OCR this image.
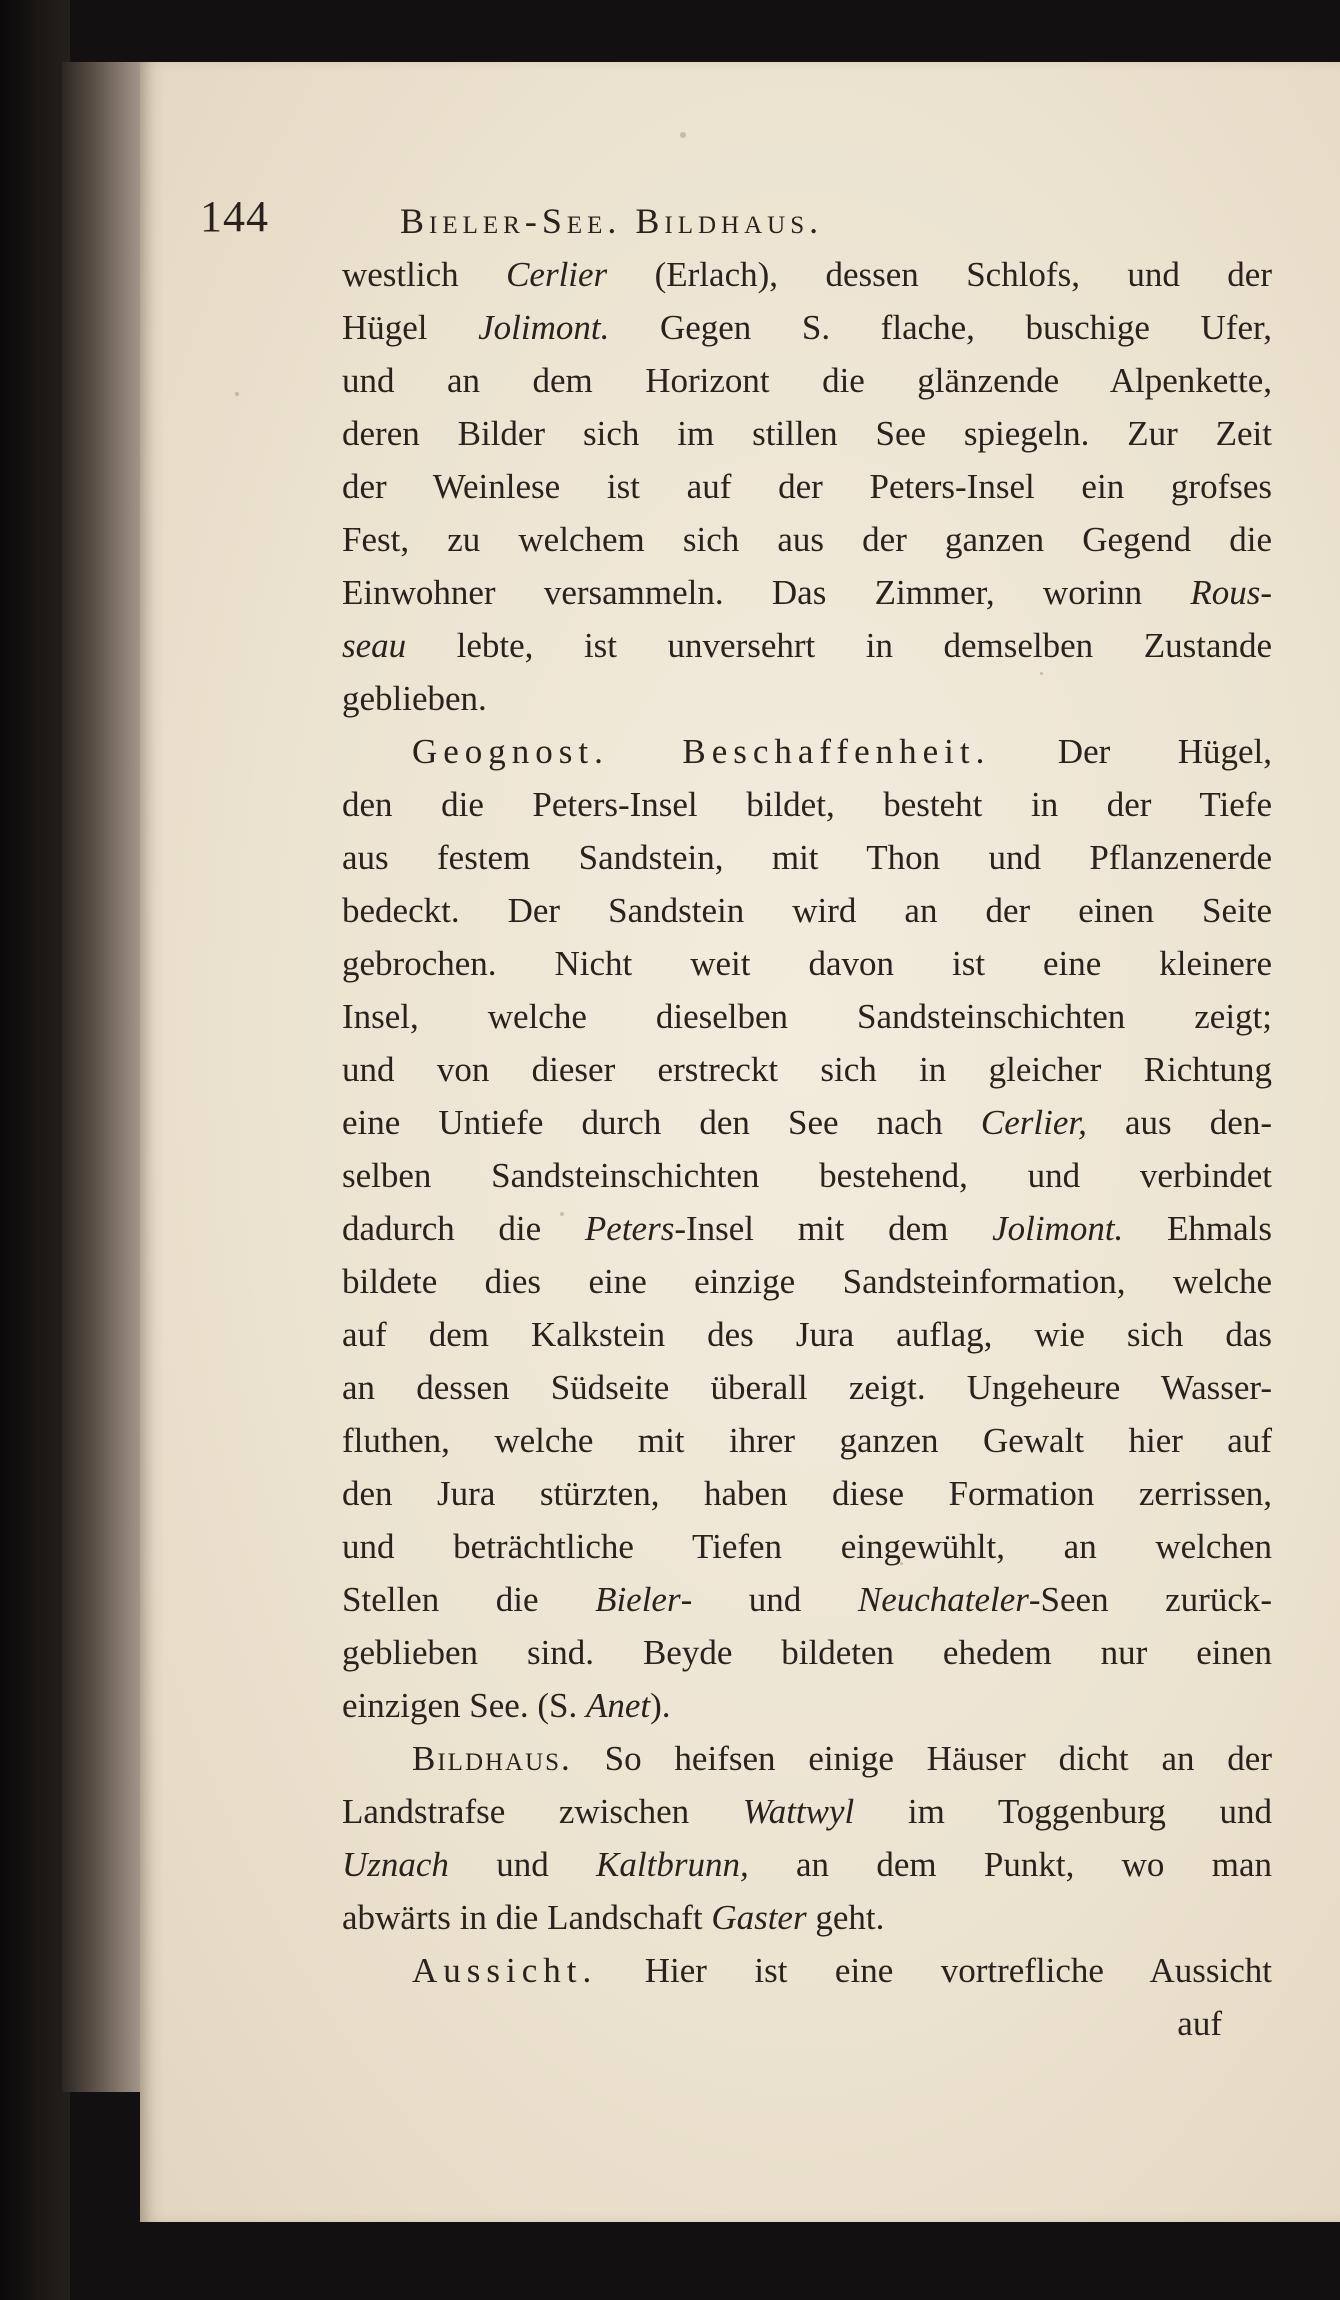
144	Bieler-See. Bildhaus.
westlich Cerlier (Erlach), dessen Schlofs, und der
Hügel Jolimont. Gegen S. flache, buschige Ufer,
und an dem Horizont die glänzende Alpenkette,
deren Bilder sich im stillen See spiegeln. Zur Zeit
der Weinlese ist auf der Peters-Insel ein grofses
Fest, zu welchem sich aus der ganzen Gegend die
Einwohner versammeln. Das Zimmer, worinn Rous-
seau lebte, ist unversehrt in demselben Zustande
geblieben.
Geognost. Beschaffenheit. Der Hügel,
den die Peters-Insel bildet, besteht in der Tiefe
aus festem Sandstein, mit Thon und Pflanzenerde
bedeckt. Der Sandstein wird an der einen Seite
gebrochen. Nicht weit davon ist eine kleinere
Insel, welche dieselben Sandsteinschichten zeigt;
und von dieser erstreckt sich in gleicher Richtung
eine Untiefe durch den See nach Cerlier, aus den-
selben Sandsteinschichten bestehend, und verbindet
dadurch die Peters-Insel mit dem Jolimont. Ehmals
bildete dies eine einzige Sandsteinformation, welche
auf dem Kalkstein des Jura auflag, wie sich das
an dessen Südseite überall zeigt. Ungeheure Wasser-
fluthen, welche mit ihrer ganzen Gewalt hier auf
den Jura stürzten, haben diese Formation zerrissen,
und beträchtliche Tiefen eingewühlt, an welchen
Stellen die Bieler- und Neuchateler-Seen zurück-
geblieben sind. Beyde bildeten ehedem nur einen
einzigen See. (S. Anet).
Bildhaus. So heifsen einige Häuser dicht an der
Landstrafse zwischen Wattwyl im Toggenburg und
Uznach und Kaltbrunn, an dem Punkt, wo man
abwärts in die Landschaft Gaster geht.
Aussicht. Hier ist eine vortrefliche Aussicht
auf
